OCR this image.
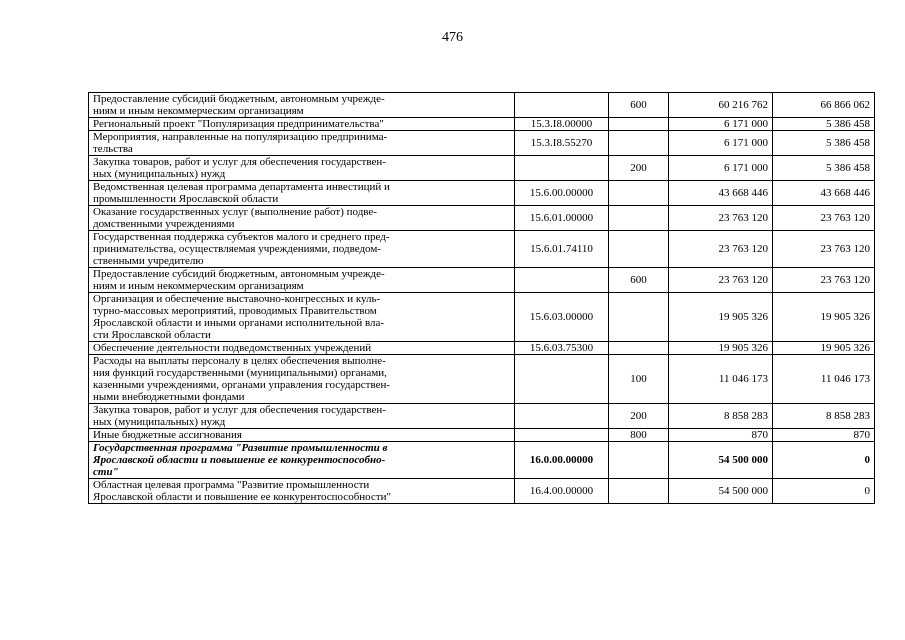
476
Предоставление субсидий бюджетным, автономным учрежде-
ниям и иным некоммерческим организациям		600	60 216 762	66 866 062
Региональный проект "Популяризация предпринимательства"	15.3.I8.00000		6 171 000	5 386 458
Мероприятия, направленные на популяризацию предпринима-
тельства	15.3.I8.55270		6 171 000	5 386 458
Закупка товаров, работ и услуг для обеспечения государствен-
ных (муниципальных) нужд		200	6 171 000	5 386 458
Ведомственная целевая программа департамента инвестиций и
промышленности Ярославской области	15.6.00.00000		43 668 446	43 668 446
Оказание государственных услуг (выполнение работ) подве-
домственными учреждениями	15.6.01.00000		23 763 120	23 763 120
Государственная поддержка субъектов малого и среднего пред-
принимательства, осуществляемая учреждениями, подведом-
ственными учредителю	15.6.01.74110		23 763 120	23 763 120
Предоставление субсидий бюджетным, автономным учрежде-
ниям и иным некоммерческим организациям		600	23 763 120	23 763 120
Организация и обеспечение выставочно-конгрессных и куль-
турно-массовых мероприятий, проводимых Правительством
Ярославской области и иными органами исполнительной вла-
сти Ярославской области	15.6.03.00000		19 905 326	19 905 326
Обеспечение деятельности подведомственных учреждений	15.6.03.75300		19 905 326	19 905 326
Расходы на выплаты персоналу в целях обеспечения выполне-
ния функций государственными (муниципальными) органами,
казенными учреждениями, органами управления государствен-
ными внебюджетными фондами		100	11 046 173	11 046 173
Закупка товаров, работ и услуг для обеспечения государствен-
ных (муниципальных) нужд		200	8 858 283	8 858 283
Иные бюджетные ассигнования		800	870	870
Государственная программа "Развитие промышленности в
Ярославской области и повышение ее конкурентоспособно-
сти"	16.0.00.00000		54 500 000	0
Областная целевая программа "Развитие промышленности
Ярославской области и повышение ее конкурентоспособности"	16.4.00.00000		54 500 000	0
